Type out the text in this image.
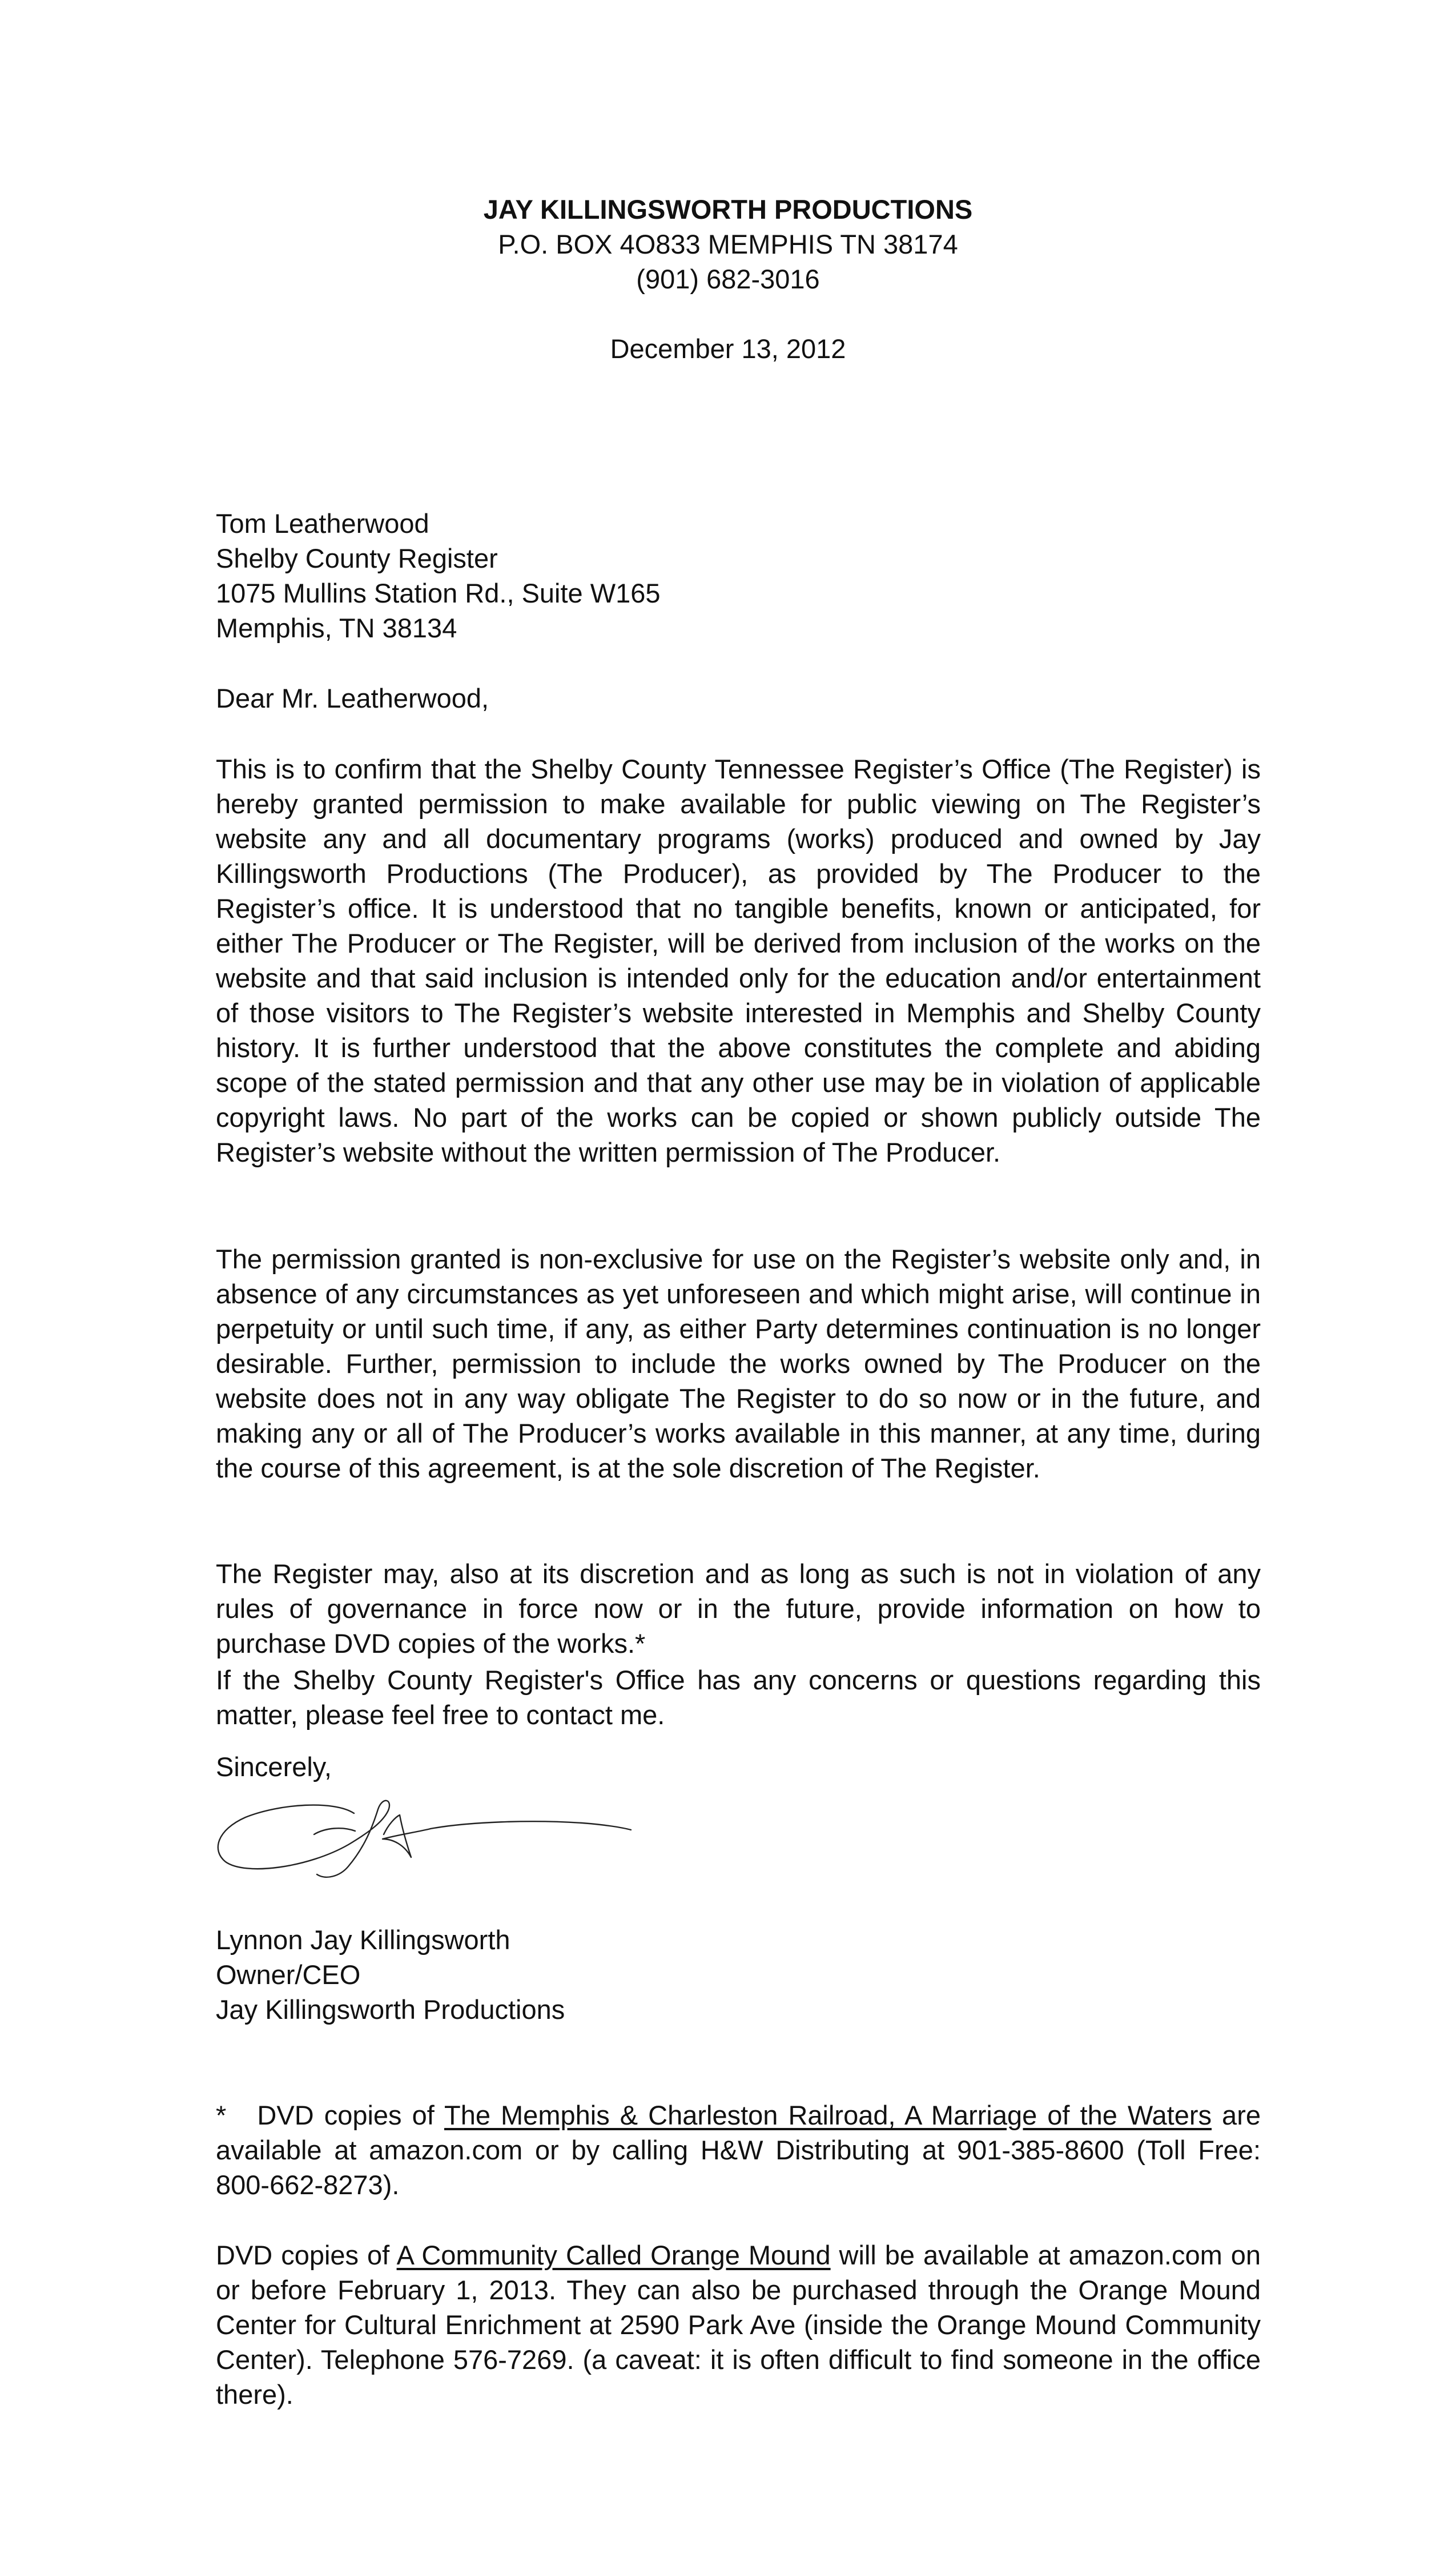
JAY KILLINGSWORTH PRODUCTIONS
P.O. BOX 4O833 MEMPHIS TN 38174
(901) 682-3016
December 13, 2012
Tom Leatherwood
Shelby County Register
1075 Mullins Station Rd., Suite W165
Memphis, TN 38134
Dear Mr. Leatherwood,
This is to confirm that the Shelby County Tennessee Register’s Office (The Register) is hereby granted permission to make available for public viewing on The Register’s website any and all documentary programs (works) produced and owned by Jay Killingsworth Productions (The Producer), as provided by The Producer to the Register’s office. It is understood that no tangible benefits, known or anticipated, for either The Producer or The Register, will be derived from inclusion of the works on the website and that said inclusion is intended only for the education and/or entertainment of those visitors to The Register’s website interested in Memphis and Shelby County history. It is further understood that the above constitutes the complete and abiding scope of the stated permission and that any other use may be in violation of applicable copyright laws. No part of the works can be copied or shown publicly outside The Register’s website without the written permission of The Producer.
The permission granted is non-exclusive for use on the Register’s website only and, in absence of any circumstances as yet unforeseen and which might arise, will continue in perpetuity or until such time, if any, as either Party determines continuation is no longer desirable. Further, permission to include the works owned by The Producer on the website does not in any way obligate The Register to do so now or in the future, and making any or all of The Producer’s works available in this manner, at any time, during the course of this agreement, is at the sole discretion of The Register.
The Register may, also at its discretion and as long as such is not in violation of any rules of governance in force now or in the future, provide information on how to purchase DVD copies of the works.*
If the Shelby County Register's Office has any concerns or questions regarding this matter, please feel free to contact me.
Sincerely,
Lynnon Jay Killingsworth
Owner/CEO
Jay Killingsworth Productions
*   DVD copies of The Memphis & Charleston Railroad, A Marriage of the Waters are available at amazon.com or by calling H&W Distributing at 901-385-8600 (Toll Free: 800-662-8273).
DVD copies of A Community Called Orange Mound will be available at amazon.com on or before February 1, 2013. They can also be purchased through the Orange Mound Center for Cultural Enrichment at 2590 Park Ave (inside the Orange Mound Community Center). Telephone 576-7269. (a caveat: it is often difficult to find someone in the office there).
